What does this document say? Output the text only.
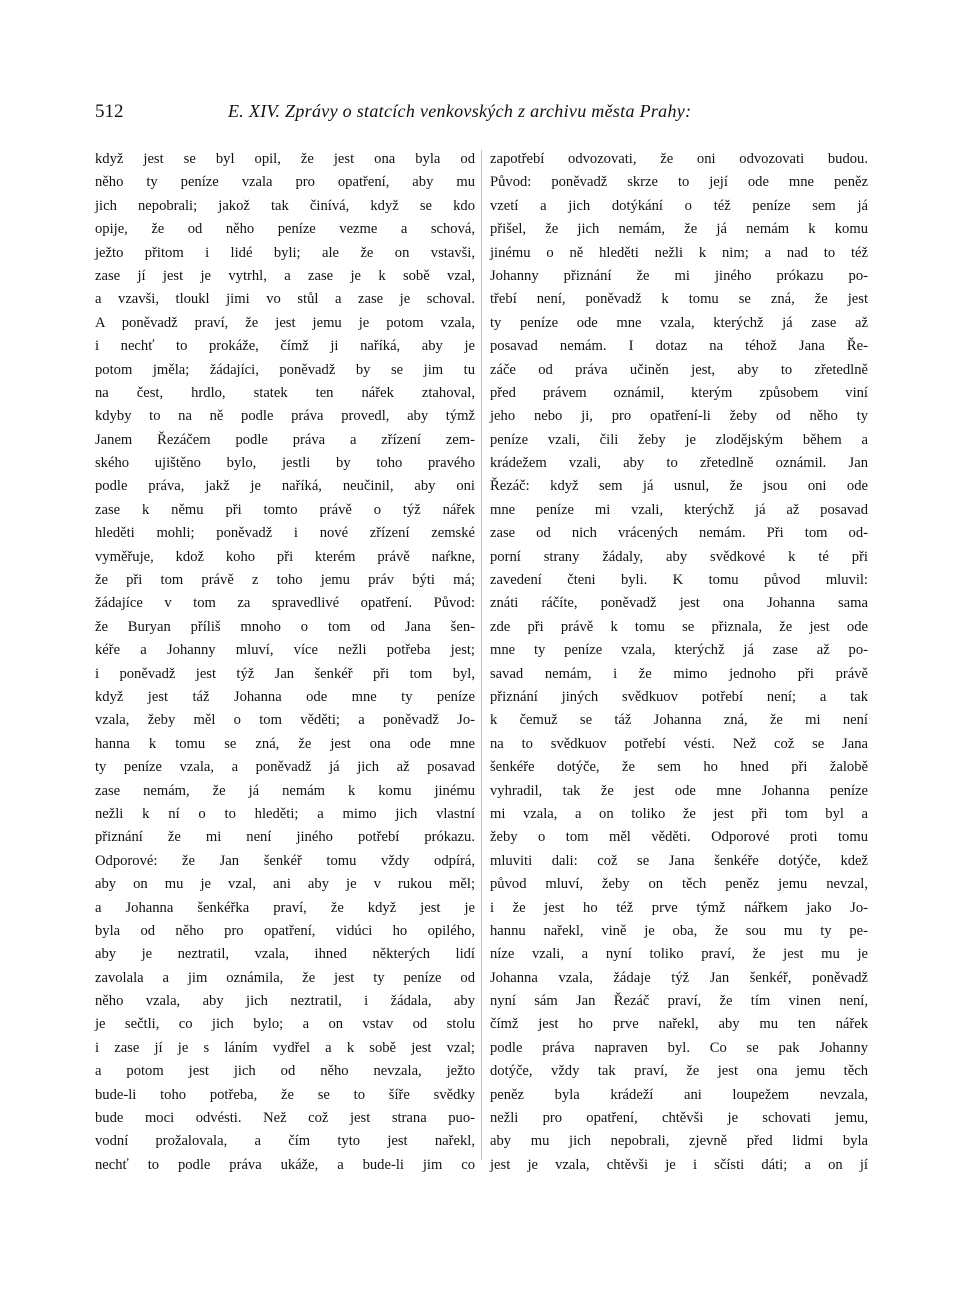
512	E. XIV. Zprávy o statcích venkovských z archivu města Prahy:
když jest se byl opil, že jest ona byla od
něho ty peníze vzala pro opatření, aby mu
jich nepobrali; jakož tak činívá, když se kdo
opije, že od něho peníze vezme a schová,
ježto přitom i lidé byli; ale že on vstavši,
zase jí jest je vytrhl, a zase je k sobě vzal,
a vzavši, tloukl jimi vo stůl a zase je schoval.
A poněvadž praví, že jest jemu je potom vzala,
i nechť to prokáže, čímž ji naříká, aby je
potom jměla; žádajíci, poněvadž by se jim tu
na čest, hrdlo, statek ten nářek ztahoval,
kdyby to na ně podle práva provedl, aby týmž
Janem Řezáčem podle práva a zřízení zem-
ského ujištěno bylo, jestli by toho pravého
podle práva, jakž je naříká, neučinil, aby oni
zase k němu při tomto právě o týž nářek
hleděti mohli; poněvadž i nové zřízení zemské
vyměřuje, kdož koho při kterém právě naŕkne,
že při tom právě z toho jemu práv býti má;
žádajíce v tom za spravedlivé opatření. Původ:
že Buryan příliš mnoho o tom od Jana šen-
kéře a Johanny mluví, více nežli potřeba jest;
i poněvadž jest týž Jan šenkéř při tom byl,
když jest táž Johanna ode mne ty peníze
vzala, žeby měl o tom věděti; a poněvadž Jo-
hanna k tomu se zná, že jest ona ode mne
ty peníze vzala, a poněvadž já jich až posavad
zase nemám, že já nemám k komu jinému
nežli k ní o to hleděti; a mimo jich vlastní
přiznání že mi není jiného potřebí prókazu.
Odporové: že Jan šenkéř tomu vždy odpírá,
aby on mu je vzal, ani aby je v rukou měl;
a Johanna šenkéřka praví, že když jest je
byla od něho pro opatření, vidúci ho opilého,
aby je neztratil, vzala, ihned některých lidí
zavolala a jim oznámila, že jest ty peníze od
něho vzala, aby jich neztratil, i žádala, aby
je sečtli, co jich bylo; a on vstav od stolu
i zase jí je s láním vydřel a k sobě jest vzal;
a potom jest jich od něho nevzala, ježto
bude-li toho potřeba, že se to šíře svědky
bude moci odvésti. Než což jest strana puo-
vodní prožalovala, a čím tyto jest nařekl,
nechť to podle práva ukáže, a bude-li jim co
zapotřebí odvozovati, že oni odvozovati budou.
Původ: poněvadž skrze to její ode mne peněz
vzetí a jich dotýkání o též peníze sem já
přišel, že jich nemám, že já nemám k komu
jinému o ně hleděti nežli k nim; a nad to též
Johanny přiznání že mi jiného prókazu po-
třebí není, poněvadž k tomu se zná, že jest
ty peníze ode mne vzala, kterýchž já zase až
posavad nemám. I dotaz na téhož Jana Ře-
záče od práva učiněn jest, aby to zřetedlně
před právem oznámil, kterým způsobem viní
jeho nebo ji, pro opatření-li žeby od něho ty
peníze vzali, čili žeby je zlodějským během a
krádežem vzali, aby to zřetedlně oznámil. Jan
Řezáč: když sem já usnul, že jsou oni ode
mne peníze mi vzali, kterýchž já až posavad
zase od nich vrácených nemám. Při tom od-
porní strany žádaly, aby svědkové k té při
zavedení čteni byli. K tomu původ mluvil:
znáti ráčíte, poněvadž jest ona Johanna sama
zde při právě k tomu se přiznala, že jest ode
mne ty peníze vzala, kterýchž já zase až po-
savad nemám, i že mimo jednoho při právě
přiznání jiných svědkuov potřebí není; a tak
k čemuž se táž Johanna zná, že mi není
na to svědkuov potřebí vésti. Než což se Jana
šenkéře dotýče, že sem ho hned při žalobě
vyhradil, tak že jest ode mne Johanna peníze
mi vzala, a on toliko že jest při tom byl a
žeby o tom měl věděti. Odporové proti tomu
mluviti dali: což se Jana šenkéře dotýče, kdež
původ mluví, žeby on těch peněz jemu nevzal,
i že jest ho též prve týmž nářkem jako Jo-
hannu nařekl, vině je oba, že sou mu ty pe-
níze vzali, a nyní toliko praví, že jest mu je
Johanna vzala, žádaje týž Jan šenkéř, poněvadž
nyní sám Jan Řezáč praví, že tím vinen není,
čímž jest ho prve nařekl, aby mu ten nářek
podle práva napraven byl. Co se pak Johanny
dotýče, vždy tak praví, že jest ona jemu těch
peněz byla krádeží ani loupežem nevzala,
nežli pro opatření, chtěvši je schovati jemu,
aby mu jich nepobrali, zjevně před lidmi byla
jest je vzala, chtěvši je i sčísti dáti; a on jí
